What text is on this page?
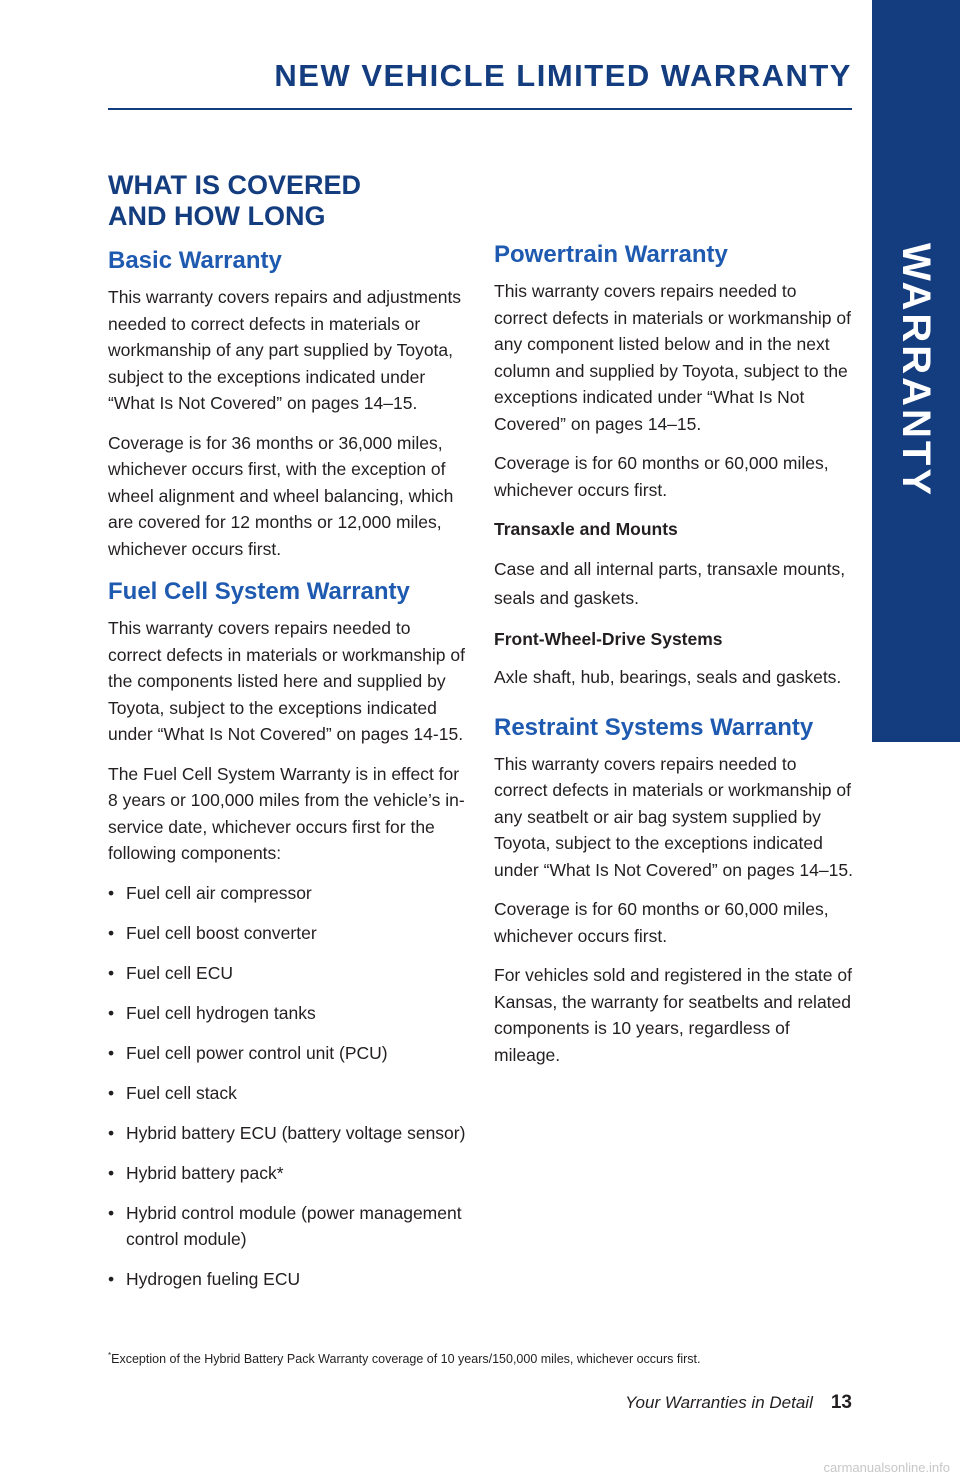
WARRANTY
NEW VEHICLE LIMITED WARRANTY
WHAT IS COVERED
AND HOW LONG
Basic Warranty

This warranty covers repairs and adjustments needed to correct defects in materials or workmanship of any part supplied by Toyota, subject to the exceptions indicated under “What Is Not Covered” on pages 14–15.

Coverage is for 36 months or 36,000 miles, whichever occurs first, with the exception of wheel alignment and wheel balancing, which are covered for 12 months or 12,000 miles, whichever occurs first.

Fuel Cell System Warranty

This warranty covers repairs needed to correct defects in materials or workmanship of the components listed here and supplied by Toyota, subject to the exceptions indicated under “What Is Not Covered” on pages 14-15.

The Fuel Cell System Warranty is in effect for 8 years or 100,000 miles from the vehicle’s in-service date, whichever occurs first for the following components:

• Fuel cell air compressor
• Fuel cell boost converter
• Fuel cell ECU
• Fuel cell hydrogen tanks
• Fuel cell power control unit (PCU)
• Fuel cell stack
• Hybrid battery ECU (battery voltage sensor)
• Hybrid battery pack*
• Hybrid control module (power management control module)
• Hydrogen fueling ECU
Powertrain Warranty

This warranty covers repairs needed to correct defects in materials or workmanship of any component listed below and in the next column and supplied by Toyota, subject to the exceptions indicated under “What Is Not Covered” on pages 14–15.

Coverage is for 60 months or 60,000 miles, whichever occurs first.

Transaxle and Mounts

Case and all internal parts, transaxle mounts, seals and gaskets.

Front-Wheel-Drive Systems

Axle shaft, hub, bearings, seals and gaskets.

Restraint Systems Warranty

This warranty covers repairs needed to correct defects in materials or workmanship of any seatbelt or air bag system supplied by Toyota, subject to the exceptions indicated under “What Is Not Covered” on pages 14–15.

Coverage is for 60 months or 60,000 miles, whichever occurs first.

For vehicles sold and registered in the state of Kansas, the warranty for seatbelts and related components is 10 years, regardless of mileage.

*Exception of the Hybrid Battery Pack Warranty coverage of 10 years/150,000 miles, whichever occurs first.
Your Warranties in Detail 13
carmanualsonline.info
